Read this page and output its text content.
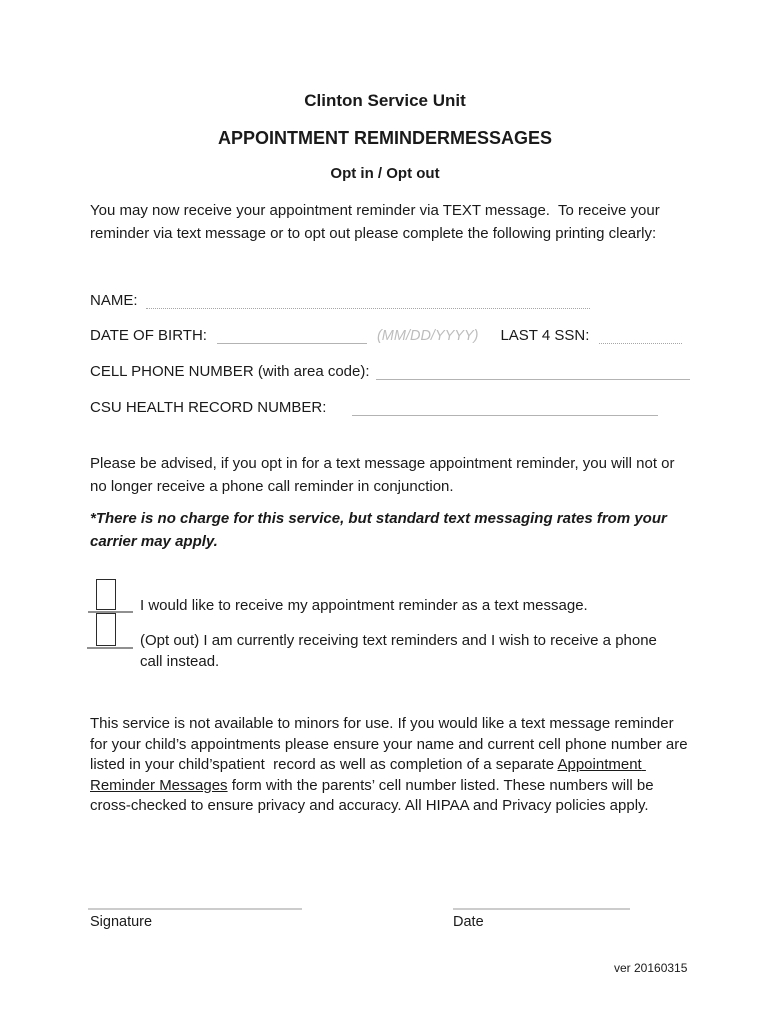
Clinton Service Unit
APPOINTMENT REMINDERMESSAGES
Opt in / Opt out

You may now receive your appointment reminder via TEXT message.  To receive your reminder via text message or to opt out please complete the following printing clearly:

NAME:
DATE OF BIRTH:	(MM/DD/YYYY) LAST 4 SSN:
CELL PHONE NUMBER (with area code):
CSU HEALTH RECORD NUMBER:

Please be advised, if you opt in for a text message appointment reminder, you will not or no longer receive a phone call reminder in conjunction.

*There is no charge for this service, but standard text messaging rates from your carrier may apply.

I would like to receive my appointment reminder as a text message.
(Opt out) I am currently receiving text reminders and I wish to receive a phone call instead.

This service is not available to minors for use. If you would like a text message reminder for your child’s appointments please ensure your name and current cell phone number are listed in your child’spatient  record as well as completion of a separate Appointment Reminder Messages form with the parents’ cell number listed. These numbers will be cross-checked to ensure privacy and accuracy. All HIPAA and Privacy policies apply.

Signature	Date
ver 20160315
